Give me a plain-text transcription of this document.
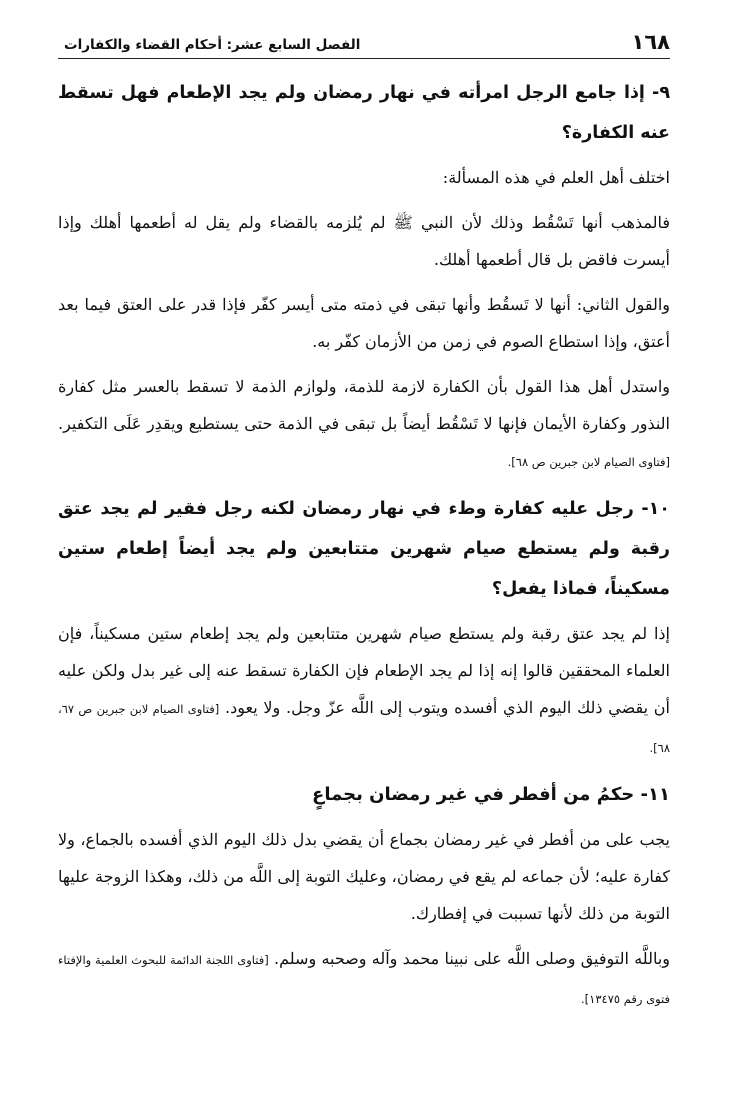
١٦٨
الفصل السابع عشر: أحكام القضاء والكفارات

٩- إذا جامع الرجل امرأته في نهار رمضان ولم يجد الإطعام فهل تسقط عنه الكفارة؟

اختلف أهل العلم في هذه المسألة:

فالمذهب أنها تَسْقُط وذلك لأن النبي ﷺ لم يُلزمه بالقضاء ولم يقل له أطعمها أهلك وإذا أيسرت فاقض بل قال أطعمها أهلك.

والقول الثاني: أنها لا تَسقُط وأنها تبقى في ذمته متى أيسر كفّر فإذا قدر على العتق فيما بعد أعتق، وإذا استطاع الصوم في زمن من الأزمان كفّر به.

واستدل أهل هذا القول بأن الكفارة لازمة للذمة، ولوازم الذمة لا تسقط بالعسر مثل كفارة النذور وكفارة الأيمان فإنها لا تَسْقُط أيضاً بل تبقى في الذمة حتى يستطيع ويقدِر عَلَى التكفير. [فتاوى الصيام لابن جبرين ص ٦٨].

١٠- رجل عليه كفارة وطء في نهار رمضان لكنه رجل فقير لم يجد عتق رقبة ولم يستطع صيام شهرين متتابعين ولم يجد أيضاً إطعام ستين مسكيناً، فماذا يفعل؟

إذا لم يجد عتق رقبة ولم يستطع صيام شهرين متتابعين ولم يجد إطعام ستين مسكيناً، فإن العلماء المحققين قالوا إنه إذا لم يجد الإطعام فإن الكفارة تسقط عنه إلى غير بدل ولكن عليه أن يقضي ذلك اليوم الذي أفسده ويتوب إلى اللَّه عزّ وجل. ولا يعود. [فتاوى الصيام لابن جبرين ص ٦٧، ٦٨].

١١- حكمُ من أفطر في غير رمضان بجماعٍ

يجب على من أفطر في غير رمضان بجماع أن يقضي بدل ذلك اليوم الذي أفسده بالجماع، ولا كفارة عليه؛ لأن جماعه لم يقع في رمضان، وعليك التوبة إلى اللَّه من ذلك، وهكذا الزوجة عليها التوبة من ذلك لأنها تسببت في إفطارك.

وباللَّه التوفيق وصلى اللَّه على نبينا محمد وآله وصحبه وسلم. [فتاوى اللجنة الدائمة للبحوث العلمية والإفتاء فتوى رقم ١٣٤٧٥].
